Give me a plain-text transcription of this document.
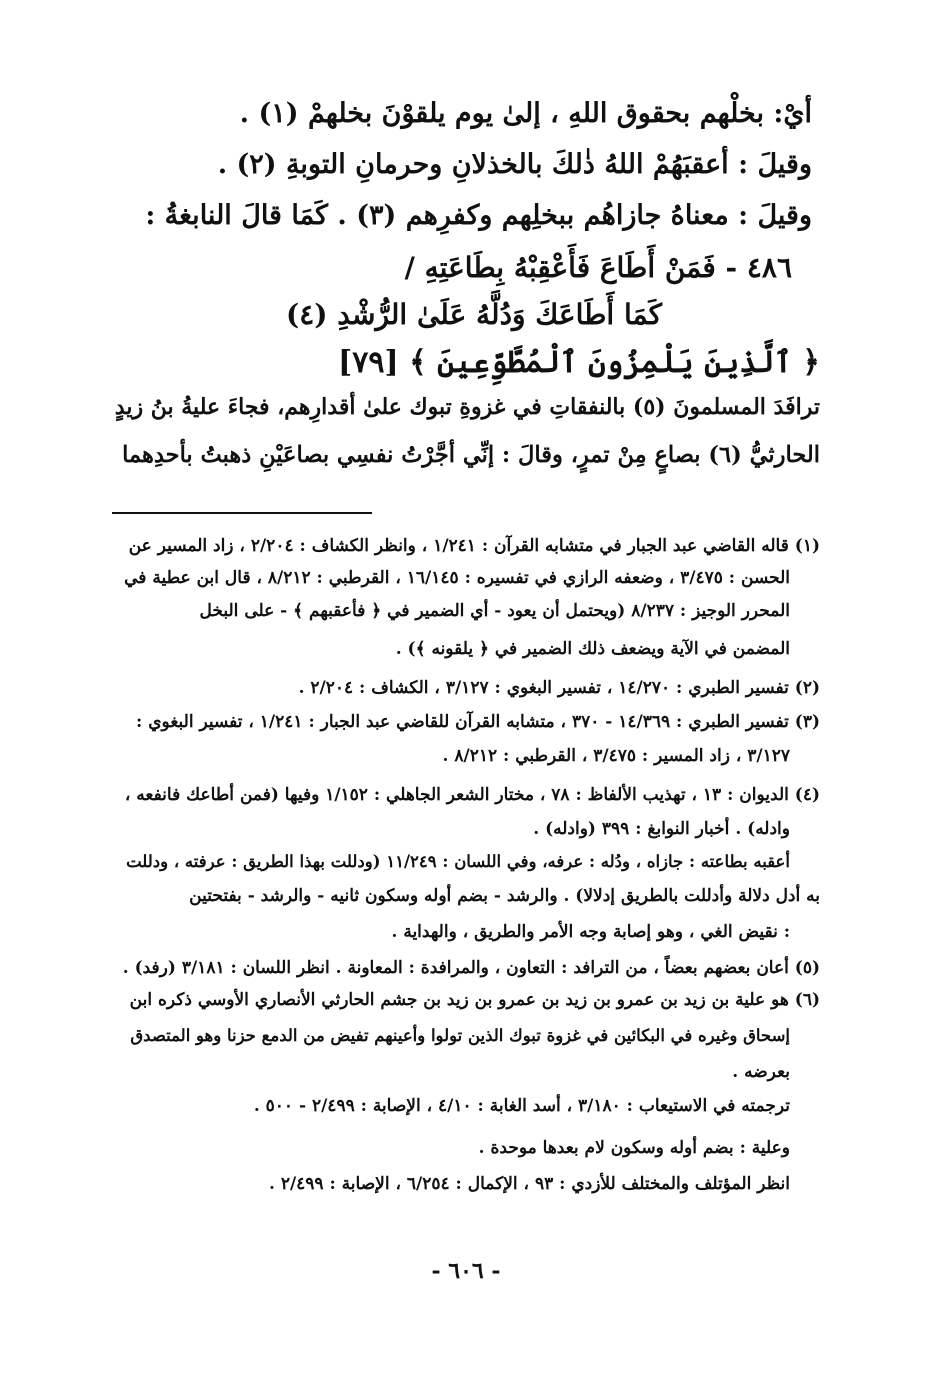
أيْ: بخلْهم بحقوق اللهِ ، إلىٰ يوم يلقوْنَ بخلهمْ (١) .
وقيلَ : أعقبَهُمْ اللهُ ذٰلكَ بالخذلانِ وحرمانِ التوبةِ (٢) .
وقيلَ : معناهُ جازاهُم ببخلِهم وكفرِهم (٣) . كَمَا قالَ النابغةُ :
٤٨٦ - فَمَنْ أَطَاعَ فَأَعْقِبْهُ بِطَاعَتِهِ /
كَمَا أَطَاعَكَ وَدُلَّهُ عَلَىٰ الرُّشْدِ (٤)
﴿ ٱلَّذِينَ يَلْمِزُونَ ٱلْمُطَّوِّعِينَ ﴾ [٧٩]
ترافَدَ المسلمونَ (٥) بالنفقاتِ في غزوةِ تبوك علىٰ أقدارِهم، فجاءَ عليةُ بنُ زيدٍ
الحارثيُّ (٦) بصاعٍ مِنْ تمرٍ، وقالَ : إنِّي أجَّرْتُ نفسِي بصاعَيْنِ ذهبتُ بأحدِهما
(١) قاله القاضي عبد الجبار في متشابه القرآن : ١/٢٤١ ، وانظر الكشاف : ٢/٢٠٤ ، زاد المسير عن
الحسن : ٣/٤٧٥ ، وضعفه الرازي في تفسيره : ١٦/١٤٥ ، القرطبي : ٨/٢١٢ ، قال ابن عطية في
المحرر الوجيز : ٨/٢٣٧ (ويحتمل أن يعود - أي الضمير في ﴿ فأعقبهم ﴾ - على البخل
المضمن في الآية ويضعف ذلك الضمير في ﴿ يلقونه ﴾) .
(٢) تفسير الطبري : ١٤/٢٧٠ ، تفسير البغوي : ٣/١٢٧ ، الكشاف : ٢/٢٠٤ .
(٣) تفسير الطبري : ١٤/٣٦٩ - ٣٧٠ ، متشابه القرآن للقاضي عبد الجبار : ١/٢٤١ ، تفسير البغوي :
٣/١٢٧ ، زاد المسير : ٣/٤٧٥ ، القرطبي : ٨/٢١٢ .
(٤) الديوان : ١٣ ، تهذيب الألفاظ : ٧٨ ، مختار الشعر الجاهلي : ١/١٥٢ وفيها (فمن أطاعك فانفعه ،
وادله) . أخبار النوابغ : ٣٩٩ (وادله) .
أعقبه بطاعته : جازاه ، ودُله : عرفه، وفي اللسان : ١١/٢٤٩ (ودللت بهذا الطريق : عرفته ، ودللت
به أدل دلالة وأدللت بالطريق إدلالا) . والرشد - بضم أوله وسكون ثانيه - والرشد - بفتحتين
: نقيض الغي ، وهو إصابة وجه الأمر والطريق ، والهداية .
(٥) أعان بعضهم بعضاً ، من الترافد : التعاون ، والمرافدة : المعاونة . انظر اللسان : ٣/١٨١ (رفد) .
(٦) هو علية بن زيد بن عمرو بن زيد بن عمرو بن زيد بن جشم الحارثي الأنصاري الأوسي ذكره ابن
إسحاق وغيره في البكائين في غزوة تبوك الذين تولوا وأعينهم تفيض من الدمع حزنا وهو المتصدق
بعرضه .
ترجمته في الاستيعاب : ٣/١٨٠ ، أسد الغابة : ٤/١٠ ، الإصابة : ٢/٤٩٩ - ٥٠٠ .
وعلية : بضم أوله وسكون لام بعدها موحدة .
انظر المؤتلف والمختلف للأزدي : ٩٣ ، الإكمال : ٦/٢٥٤ ، الإصابة : ٢/٤٩٩ .
- ٦٠٦ -
